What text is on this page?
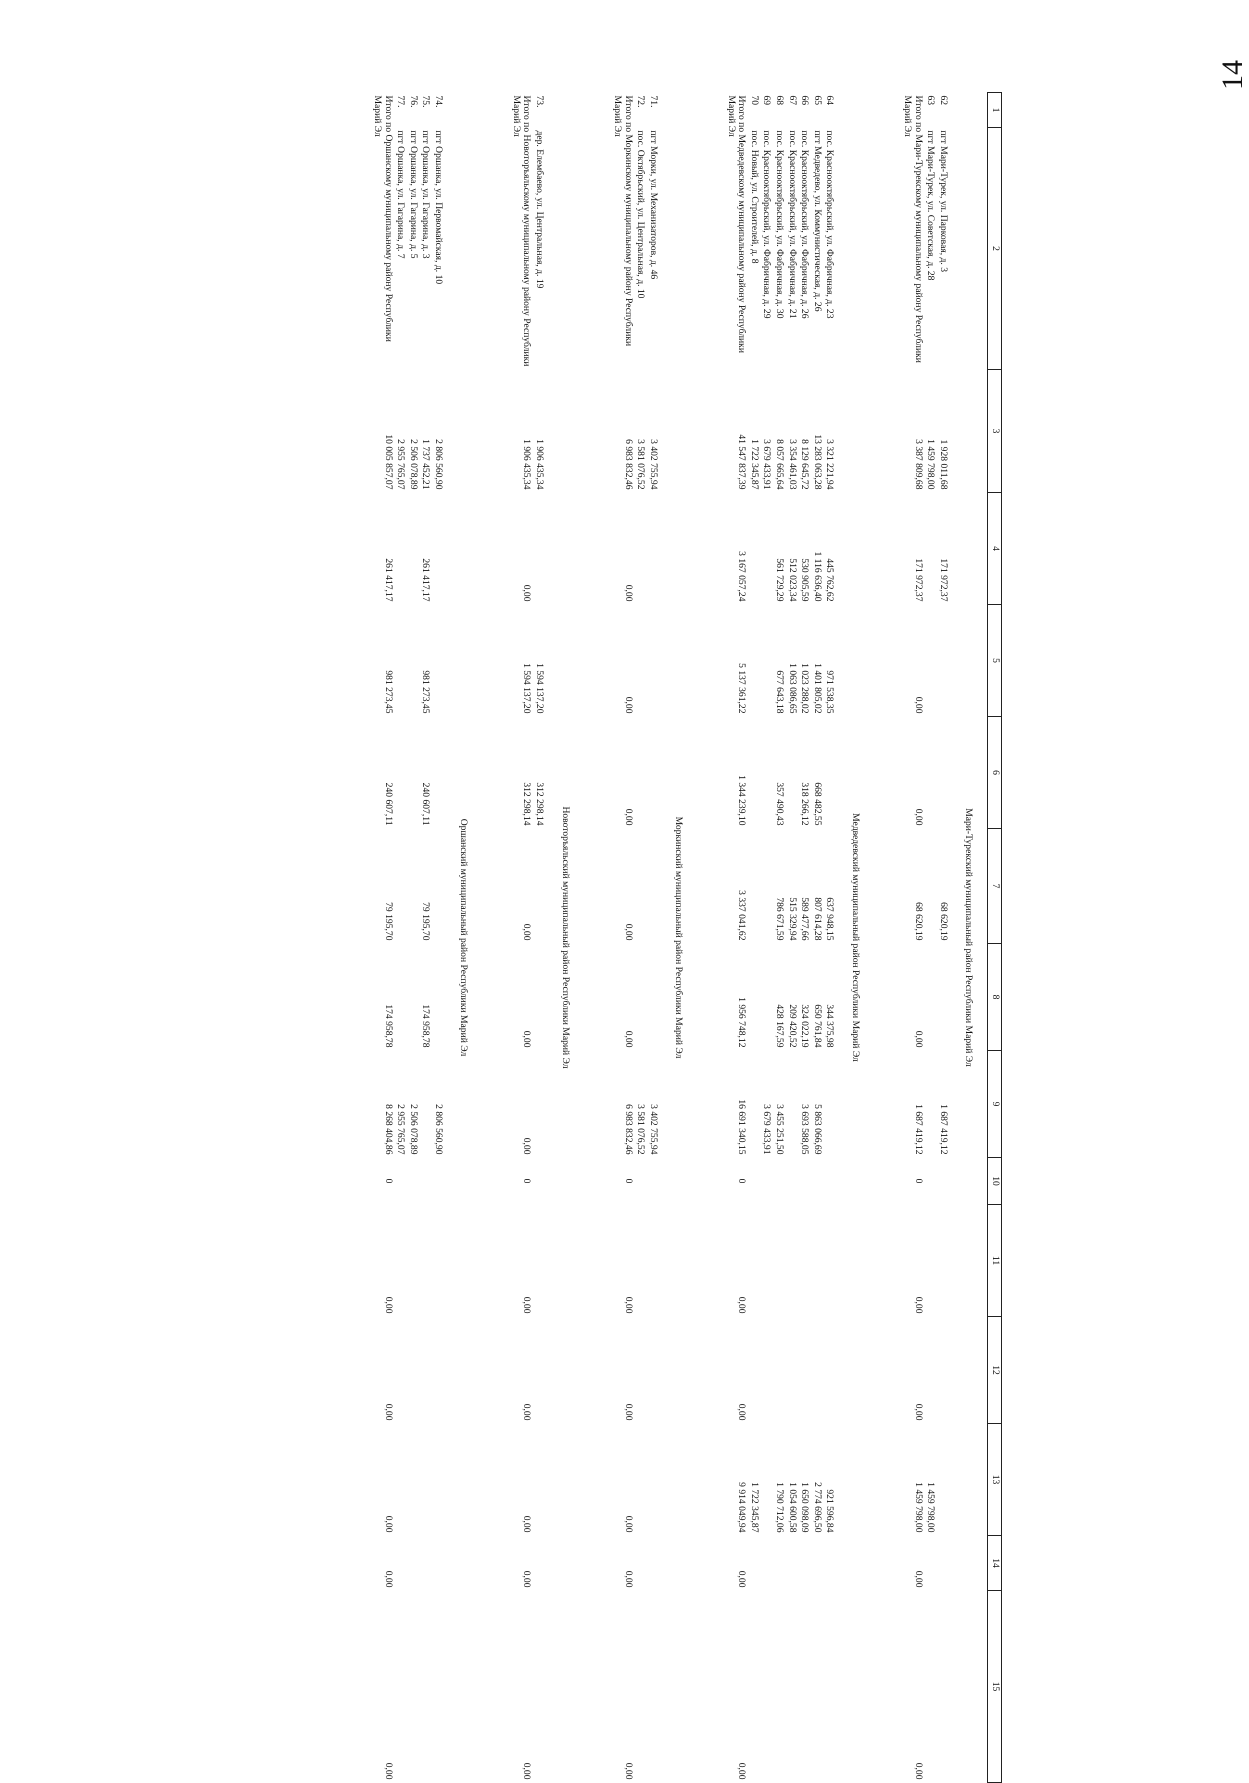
14
1	2	3	4	5	6	7	8	9	10	11	12	13	14	15
Мари-Турекский муниципальный район Республики Марий Эл														
62	пгт Мари-Турек, ул. Парковая, д. 3	1 928 011,68	171 972,37			68 620,19		1 687 419,12						
63	пгт Мари-Турек, ул. Советская, д. 28	1 459 798,00										1 459 798,00		
Итого по Мари-Турекскому муниципальному району Республики Марий Эл		3 387 809,68	171 972,37	0,00	0,00	68 620,19	0,00	1 687 419,12	0	0,00	0,00	1 459 798,00	0,00	0,00
Медведевский муниципальный район Республики Марий Эл														
64	пос. Краснооктябрьский, ул. Фабричная, д. 23	3 321 221,94	445 762,62	971 538,35		637 948,15	344 375,98					921 596,84		
65	пгт Медведево, ул. Коммунистическая, д. 26	13 283 063,28	1 116 636,40	1 401 805,02	668 482,55	807 614,28	650 761,84	5 863 066,69				2 774 696,50		
66	пос. Краснооктябрьский, ул. Фабричная, д. 26	8 129 645,72	530 905,59	1 023 288,02	318 266,12	589 477,66	324 022,19	3 693 588,05				1 650 098,09		
67	пос. Краснооктябрьский, ул. Фабричная, д. 21	3 354 461,03	512 023,34	1 063 086,65		515 329,94	209 420,52					1 054 600,58		
68	пос. Краснооктябрьский, ул. Фабричная, д. 30	8 057 665,64	561 729,29	677 643,18	357 490,43	786 671,59	428 167,59	3 455 251,50				1 790 712,06		
69	пос. Краснооктябрьский, ул. Фабричная, д. 29	3 679 433,91						3 679 433,91						
70	пос. Новый, ул. Строителей, д. 8	1 722 345,87										1 722 345,87		
Итого по Медведевскому муниципальному району Республики Марий Эл		41 547 837,39	3 167 057,24	5 137 361,22	1 344 239,10	3 337 041,62	1 956 748,12	16 691 340,15	0	0,00	0,00	9 914 049,94	0,00	0,00
Моркинский муниципальный район Республики Марий Эл														
71.	пгт Морки, ул. Механизаторов, д. 46	3 402 755,94						3 402 755,94						
72.	пос. Октябрьский, ул. Центральная, д. 10	3 581 076,52						3 581 076,52						
Итого по Моркинскому муниципальному району Республики Марий Эл		6 983 832,46	0,00	0,00	0,00	0,00	0,00	6 983 832,46	0	0,00	0,00	0,00	0,00	0,00
Новоторъяльский муниципальный район Республики Марий Эл														
73.	дер. Елембаево, ул. Центральная, д. 19	1 906 435,34		1 594 137,20	312 298,14									
Итого по Новоторъяльскому муниципальному району Республики Марий Эл		1 906 435,34	0,00	1 594 137,20	312 298,14	0,00	0,00	0,00	0	0,00	0,00	0,00	0,00	0,00
Оршанский муниципальный район Республики Марий Эл														
74.	пгт Оршанка, ул. Первомайская, д. 10	2 806 560,90						2 806 560,90						
75.	пгт Оршанка, ул. Гагарина, д. 3	1 737 452,21	261 417,17	981 273,45	240 607,11	79 195,70	174 958,78							
76.	пгт Оршанка, ул. Гагарина, д. 5	2 506 078,89						2 506 078,89						
77.	пгт Оршанка, ул. Гагарина, д. 7	2 955 765,07						2 955 765,07						
Итого по Оршанскому муниципальному району Республики Марий Эл		10 005 857,07	261 417,17	981 273,45	240 607,11	79 195,70	174 958,78	8 268 404,86	0	0,00	0,00	0,00	0,00	0,00
